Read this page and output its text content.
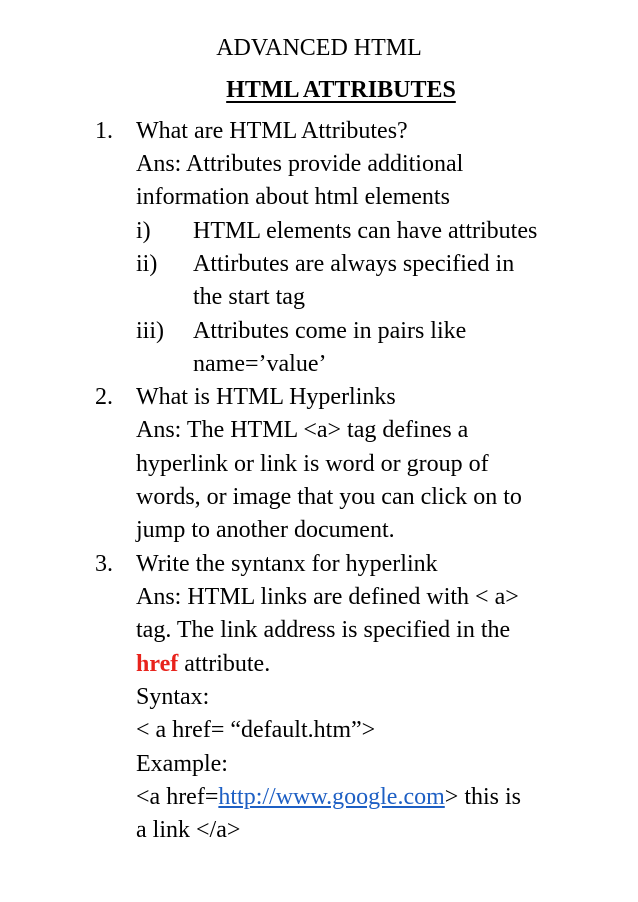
ADVANCED HTML
HTML ATTRIBUTES
1. What are HTML Attributes?
Ans: Attributes provide additional
information about html elements
i) HTML elements can have attributes
ii) Attirbutes are always specified in
the start tag
iii) Attributes come in pairs like
name=’value’
2. What is HTML Hyperlinks
Ans: The HTML <a> tag defines a
hyperlink or link is word or group of
words, or image that you can click on to
jump to another document.
3. Write the syntanx for hyperlink
Ans: HTML links are defined with < a>
tag. The link address is specified in the
href attribute.
Syntax:
< a href= “default.htm”>
Example:
<a href=http://www.google.com> this is
a link </a>
